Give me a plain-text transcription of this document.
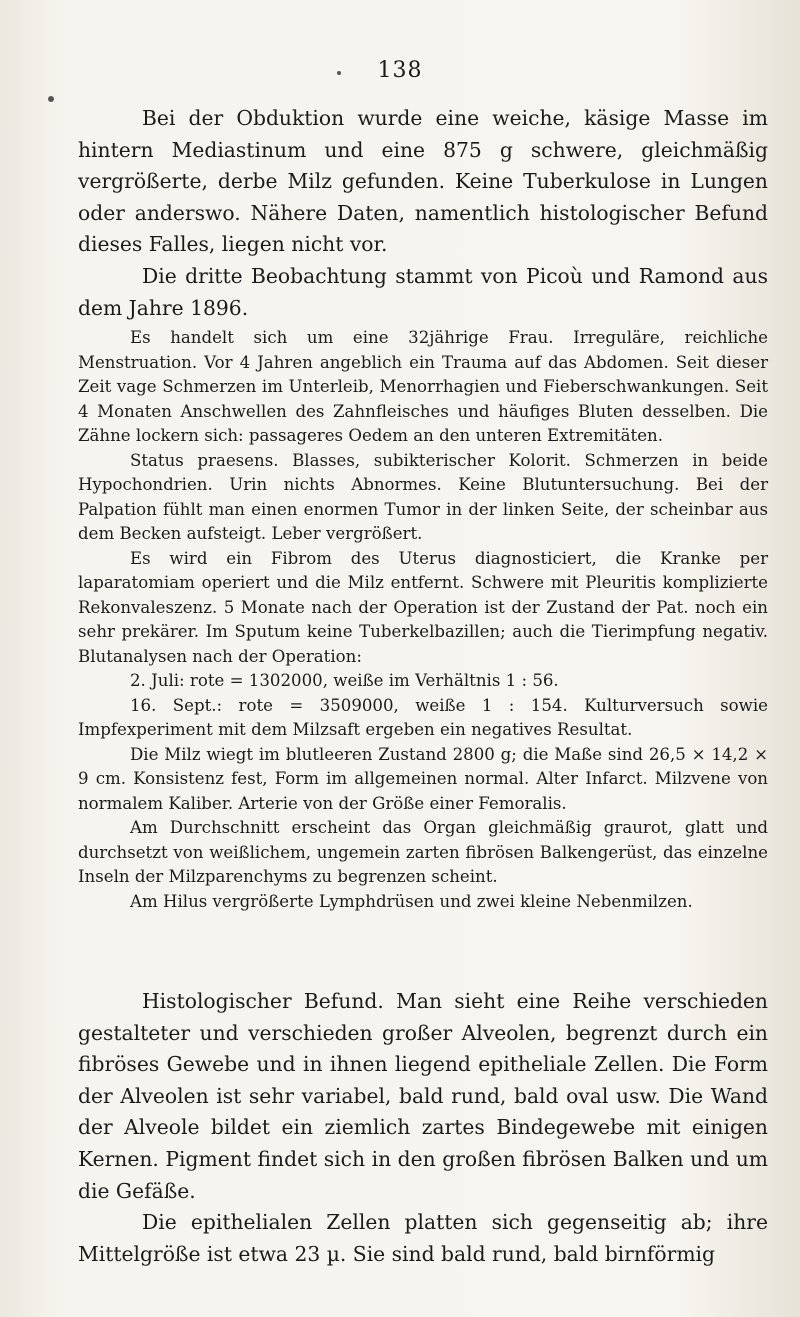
138

Bei der Obduktion wurde eine weiche, käsige Masse im hintern Mediastinum und eine 875 g schwere, gleichmäßig vergrößerte, derbe Milz gefunden. Keine Tuberkulose in Lungen oder anderswo. Nähere Daten, namentlich histologischer Befund dieses Falles, liegen nicht vor.

Die dritte Beobachtung stammt von Picoù und Ramond aus dem Jahre 1896.

Es handelt sich um eine 32jährige Frau. Irreguläre, reichliche Menstruation. Vor 4 Jahren angeblich ein Trauma auf das Abdomen. Seit dieser Zeit vage Schmerzen im Unterleib, Menorrhagien und Fieberschwankungen. Seit 4 Monaten Anschwellen des Zahnfleisches und häufiges Bluten desselben. Die Zähne lockern sich: passageres Oedem an den unteren Extremitäten.

Status praesens. Blasses, subikterischer Kolorit. Schmerzen in beide Hypochondrien. Urin nichts Abnormes. Keine Blutuntersuchung. Bei der Palpation fühlt man einen enormen Tumor in der linken Seite, der scheinbar aus dem Becken aufsteigt. Leber vergrößert.

Es wird ein Fibrom des Uterus diagnosticiert, die Kranke per laparatomiam operiert und die Milz entfernt. Schwere mit Pleuritis komplizierte Rekonvaleszenz. 5 Monate nach der Operation ist der Zustand der Pat. noch ein sehr prekärer. Im Sputum keine Tuberkelbazillen; auch die Tierimpfung negativ. Blutanalysen nach der Operation:

2. Juli: rote = 1302000, weiße im Verhältnis 1 : 56.

16. Sept.: rote = 3509000, weiße 1 : 154. Kulturversuch sowie Impfexperiment mit dem Milzsaft ergeben ein negatives Resultat.

Die Milz wiegt im blutleeren Zustand 2800 g; die Maße sind 26,5 × 14,2 × 9 cm. Konsistenz fest, Form im allgemeinen normal. Alter Infarct. Milzvene von normalem Kaliber. Arterie von der Größe einer Femoralis.

Am Durchschnitt erscheint das Organ gleichmäßig graurot, glatt und durchsetzt von weißlichem, ungemein zarten fibrösen Balkengerüst, das einzelne Inseln der Milzparenchyms zu begrenzen scheint.

Am Hilus vergrößerte Lymphdrüsen und zwei kleine Nebenmilzen.

Histologischer Befund. Man sieht eine Reihe verschieden gestalteter und verschieden großer Alveolen, begrenzt durch ein fibröses Gewebe und in ihnen liegend epitheliale Zellen. Die Form der Alveolen ist sehr variabel, bald rund, bald oval usw. Die Wand der Alveole bildet ein ziemlich zartes Bindegewebe mit einigen Kernen. Pigment findet sich in den großen fibrösen Balken und um die Gefäße.

Die epithelialen Zellen platten sich gegenseitig ab; ihre Mittelgröße ist etwa 23 µ. Sie sind bald rund, bald birnförmig
